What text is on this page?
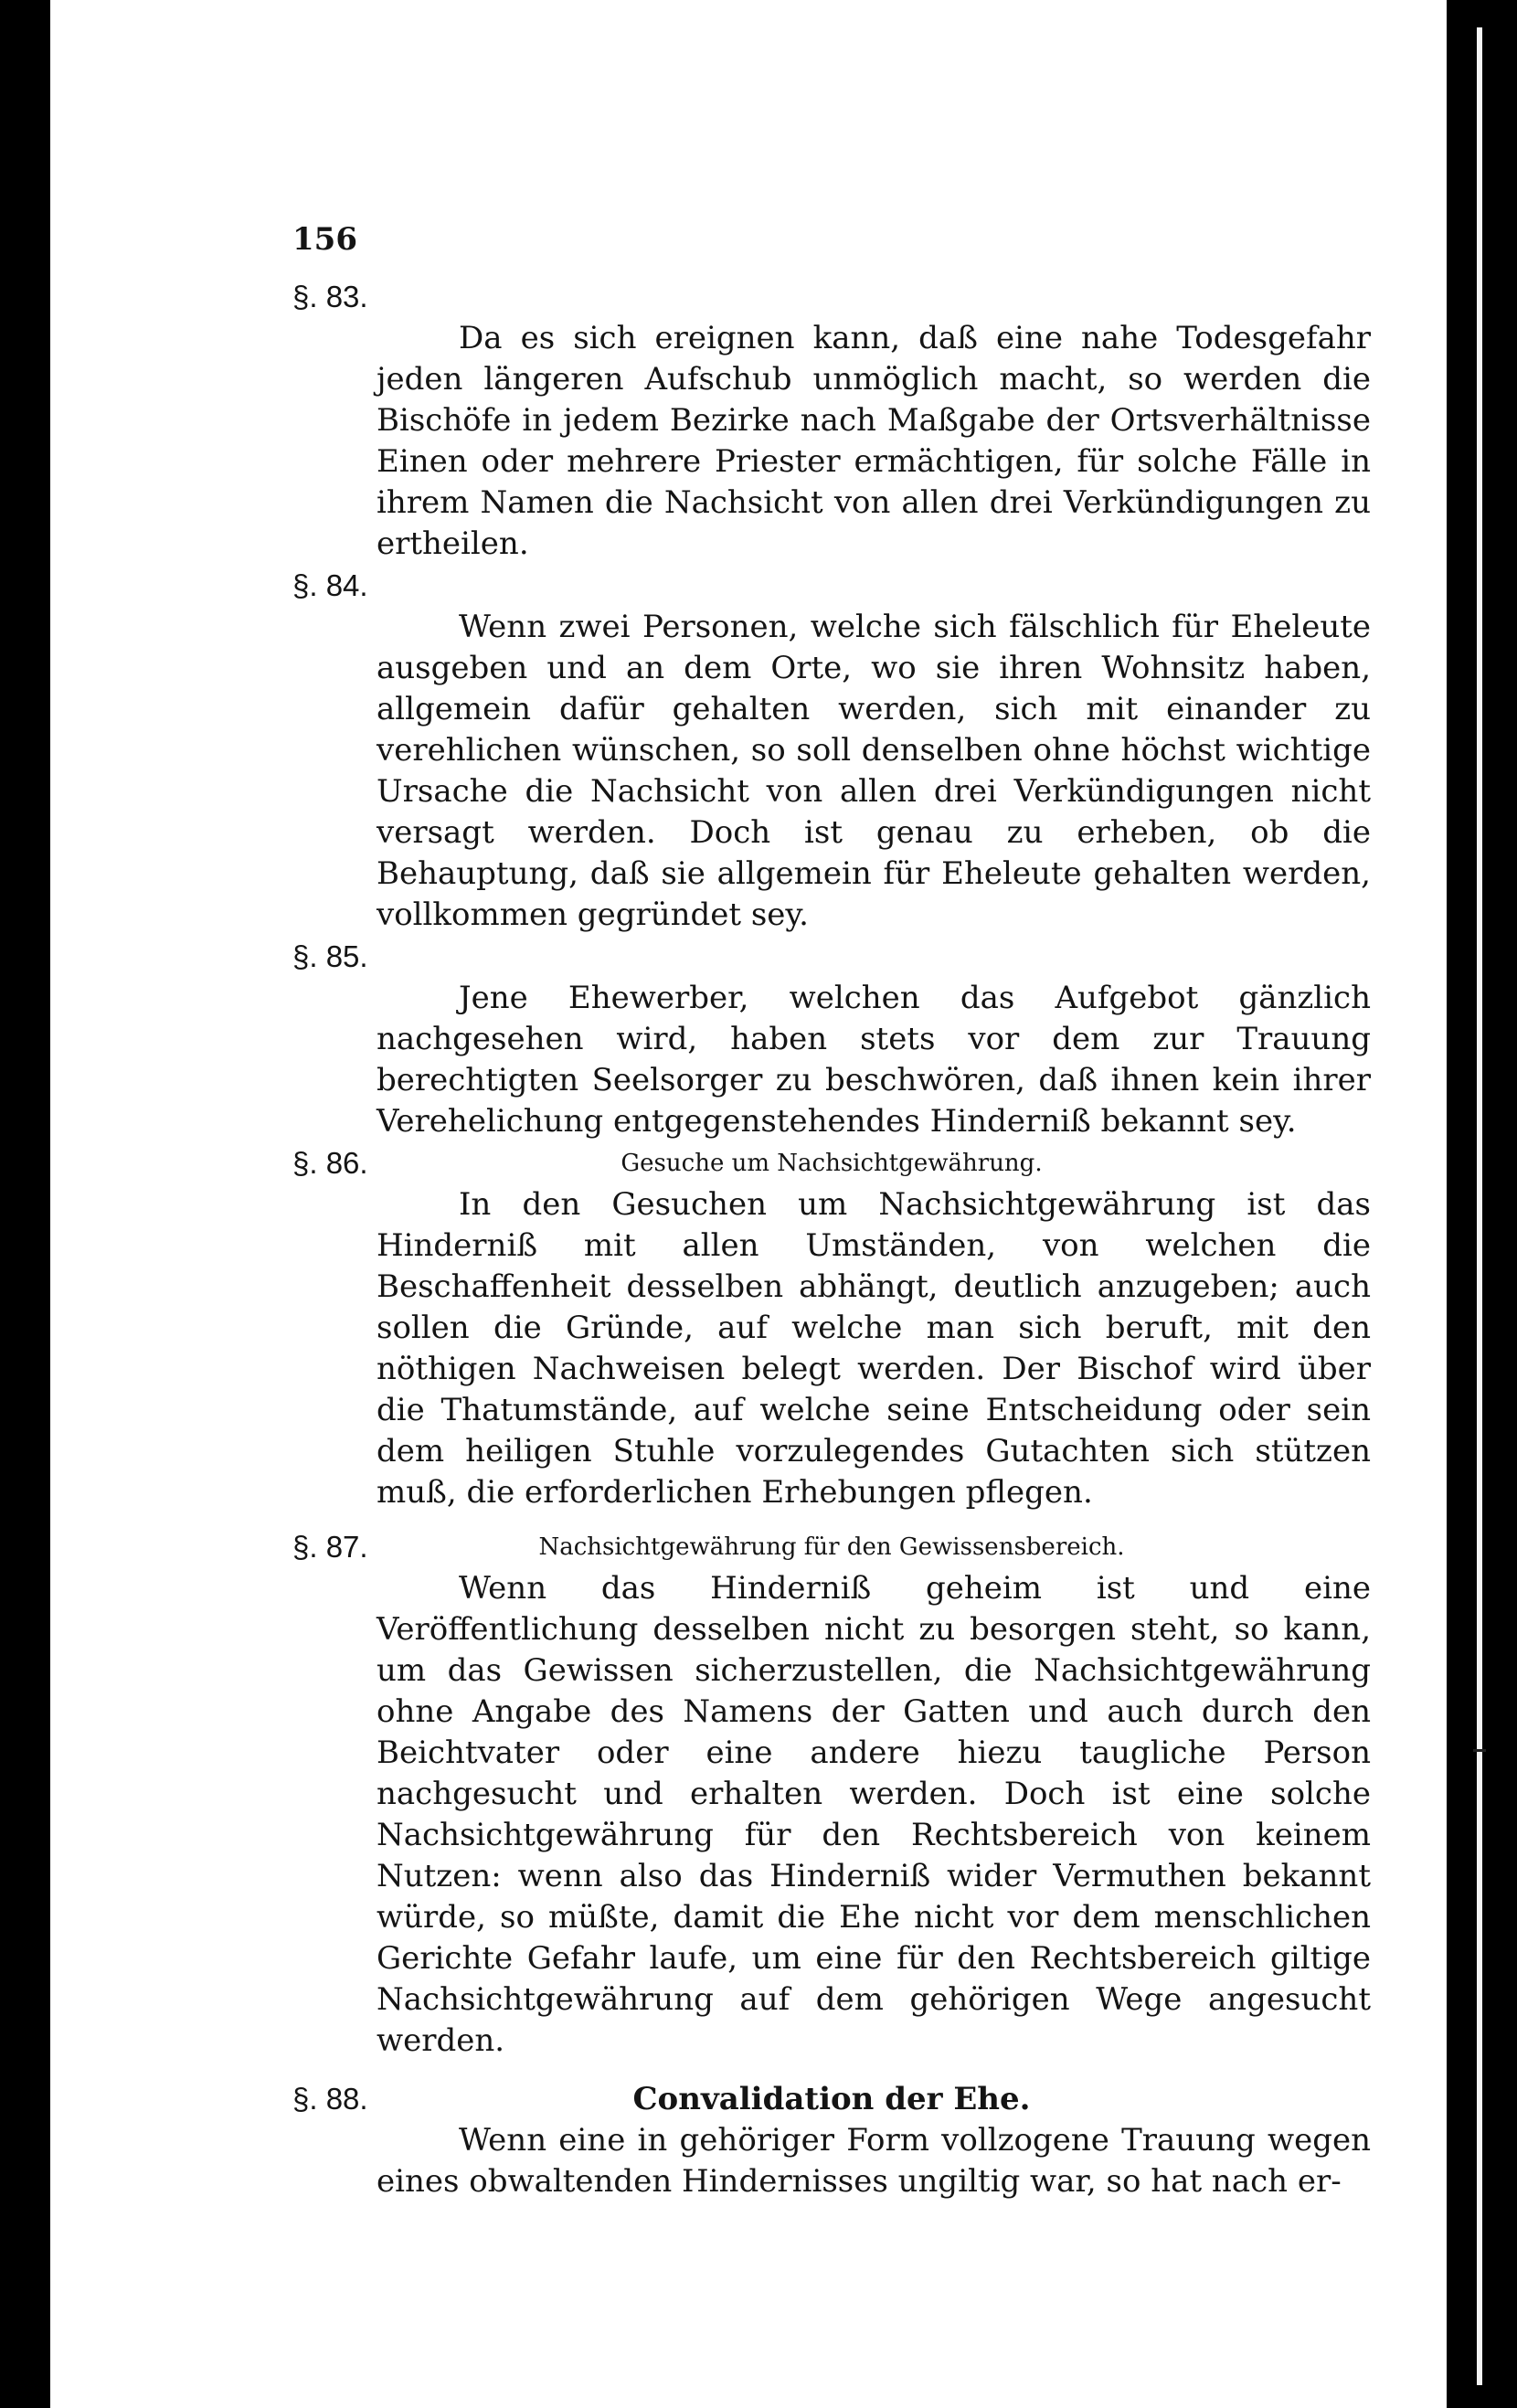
156
§. 83.

Da es sich ereignen kann, daß eine nahe Todesgefahr jeden längeren Aufschub unmöglich macht, so werden die Bischöfe in jedem Bezirke nach Maßgabe der Ortsverhältnisse Einen oder mehrere Priester ermächtigen, für solche Fälle in ihrem Namen die Nachsicht von allen drei Verkündigungen zu ertheilen.

§. 84.

Wenn zwei Personen, welche sich fälschlich für Eheleute ausgeben und an dem Orte, wo sie ihren Wohnsitz haben, allgemein dafür gehalten werden, sich mit einander zu verehlichen wünschen, so soll denselben ohne höchst wichtige Ursache die Nachsicht von allen drei Verkündigungen nicht versagt werden. Doch ist genau zu erheben, ob die Behauptung, daß sie allgemein für Eheleute gehalten werden, vollkommen gegründet sey.

§. 85.

Jene Ehewerber, welchen das Aufgebot gänzlich nachgesehen wird, haben stets vor dem zur Trauung berechtigten Seelsorger zu beschwören, daß ihnen kein ihrer Verehelichung entgegenstehendes Hinderniß bekannt sey.

§. 86.	Gesuche um Nachsichtgewährung.

In den Gesuchen um Nachsichtgewährung ist das Hinderniß mit allen Umständen, von welchen die Beschaffenheit desselben abhängt, deutlich anzugeben; auch sollen die Gründe, auf welche man sich beruft, mit den nöthigen Nachweisen belegt werden. Der Bischof wird über die Thatumstände, auf welche seine Entscheidung oder sein dem heiligen Stuhle vorzulegendes Gutachten sich stützen muß, die erforderlichen Erhebungen pflegen.

§. 87.	Nachsichtgewährung für den Gewissensbereich.

Wenn das Hinderniß geheim ist und eine Veröffentlichung desselben nicht zu besorgen steht, so kann, um das Gewissen sicherzustellen, die Nachsichtgewährung ohne Angabe des Namens der Gatten und auch durch den Beichtvater oder eine andere hiezu taugliche Person nachgesucht und erhalten werden. Doch ist eine solche Nachsichtgewährung für den Rechtsbereich von keinem Nutzen: wenn also das Hinderniß wider Vermuthen bekannt würde, so müßte, damit die Ehe nicht vor dem menschlichen Gerichte Gefahr laufe, um eine für den Rechtsbereich giltige Nachsichtgewährung auf dem gehörigen Wege angesucht werden.

§. 88.	Convalidation der Ehe.

Wenn eine in gehöriger Form vollzogene Trauung wegen eines obwaltenden Hindernisses ungiltig war, so hat nach er-
